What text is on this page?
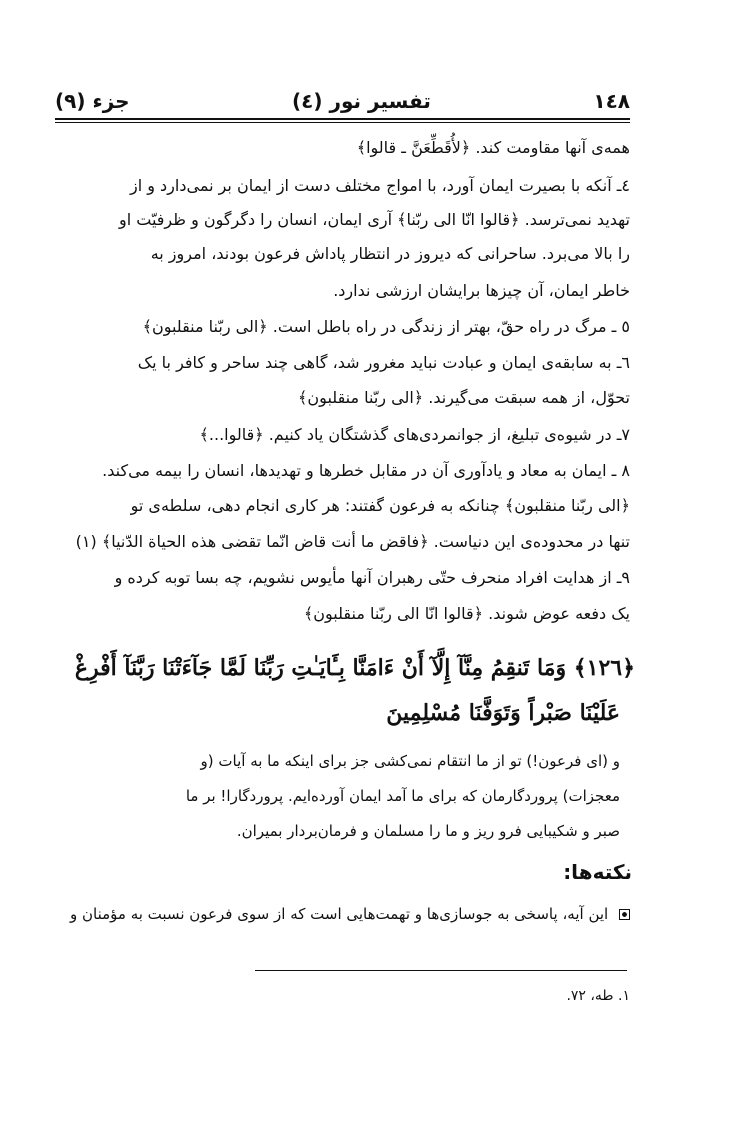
١٤٨
تفسیر نور (٤)
جزء (٩)
همه‌ی آنها مقاومت کند. ﴿لأُقَطِّعَنَّ ـ قالوا﴾
٤ـ آنکه با بصیرت ایمان آورد، با امواج مختلف دست از ایمان بر نمی‌دارد و از
تهدید نمی‌ترسد. ﴿قالوا انّا الی ربّنا﴾ آری ایمان، انسان را دگرگون و ظرفیّت او
را بالا می‌برد. ساحرانی که دیروز در انتظار پاداش فرعون بودند، امروز به
خاطر ایمان، آن چیزها برایشان ارزشی ندارد.
٥ ـ مرگ در راه حقّ، بهتر از زندگی در راه باطل است. ﴿الی ربّنا منقلبون﴾
٦ـ به سابقه‌ی ایمان و عبادت نباید مغرور شد، گاهی چند ساحر و کافر با یک
تحوّل، از همه سبقت می‌گیرند. ﴿الی ربّنا منقلبون﴾
٧ـ در شیوه‌ی تبلیغ، از جوانمردی‌های گذشتگان یاد کنیم. ﴿قالوا...﴾
٨ ـ ایمان به معاد و یادآوری آن در مقابل خطرها و تهدیدها، انسان را بیمه می‌کند.
﴿الی ربّنا منقلبون﴾ چنانکه به فرعون گفتند: هر کاری انجام دهی، سلطه‌ی تو
تنها در محدوده‌ی این دنیاست. ﴿فاقض ما أنت قاض انّما تقضی هذه الحیاة الدّنیا﴾ (١)
٩ـ از هدایت افراد منحرف حتّی رهبران آنها مأیوس نشویم، چه بسا توبه کرده و
یک دفعه عوض شوند. ﴿قالوا انّا الی ربّنا منقلبون﴾
﴿١٢٦﴾ وَمَا تَنقِمُ مِنَّآ إِلَّآ أَنْ ءَامَنَّا بِـَٔايَـٰتِ رَبِّنَا لَمَّا جَآءَتْنَا رَبَّنَآ أَفْرِغْ
عَلَيْنَا صَبْراً وَتَوَفَّنَا مُسْلِمِينَ
و (ای فرعون!) تو از ما انتقام نمی‌کشی جز برای اینکه ما به آیات (و
معجزات) پروردگارمان که برای ما آمد ایمان آورده‌ایم. پروردگارا! بر ما
صبر و شکیبایی فرو ریز و ما را مسلمان و فرمان‌بردار بمیران.
نکته‌ها:
این آیه، پاسخی به جوسازی‌ها و تهمت‌هایی است که از سوی فرعون نسبت به مؤمنان و
١. طه، ٧٢.
